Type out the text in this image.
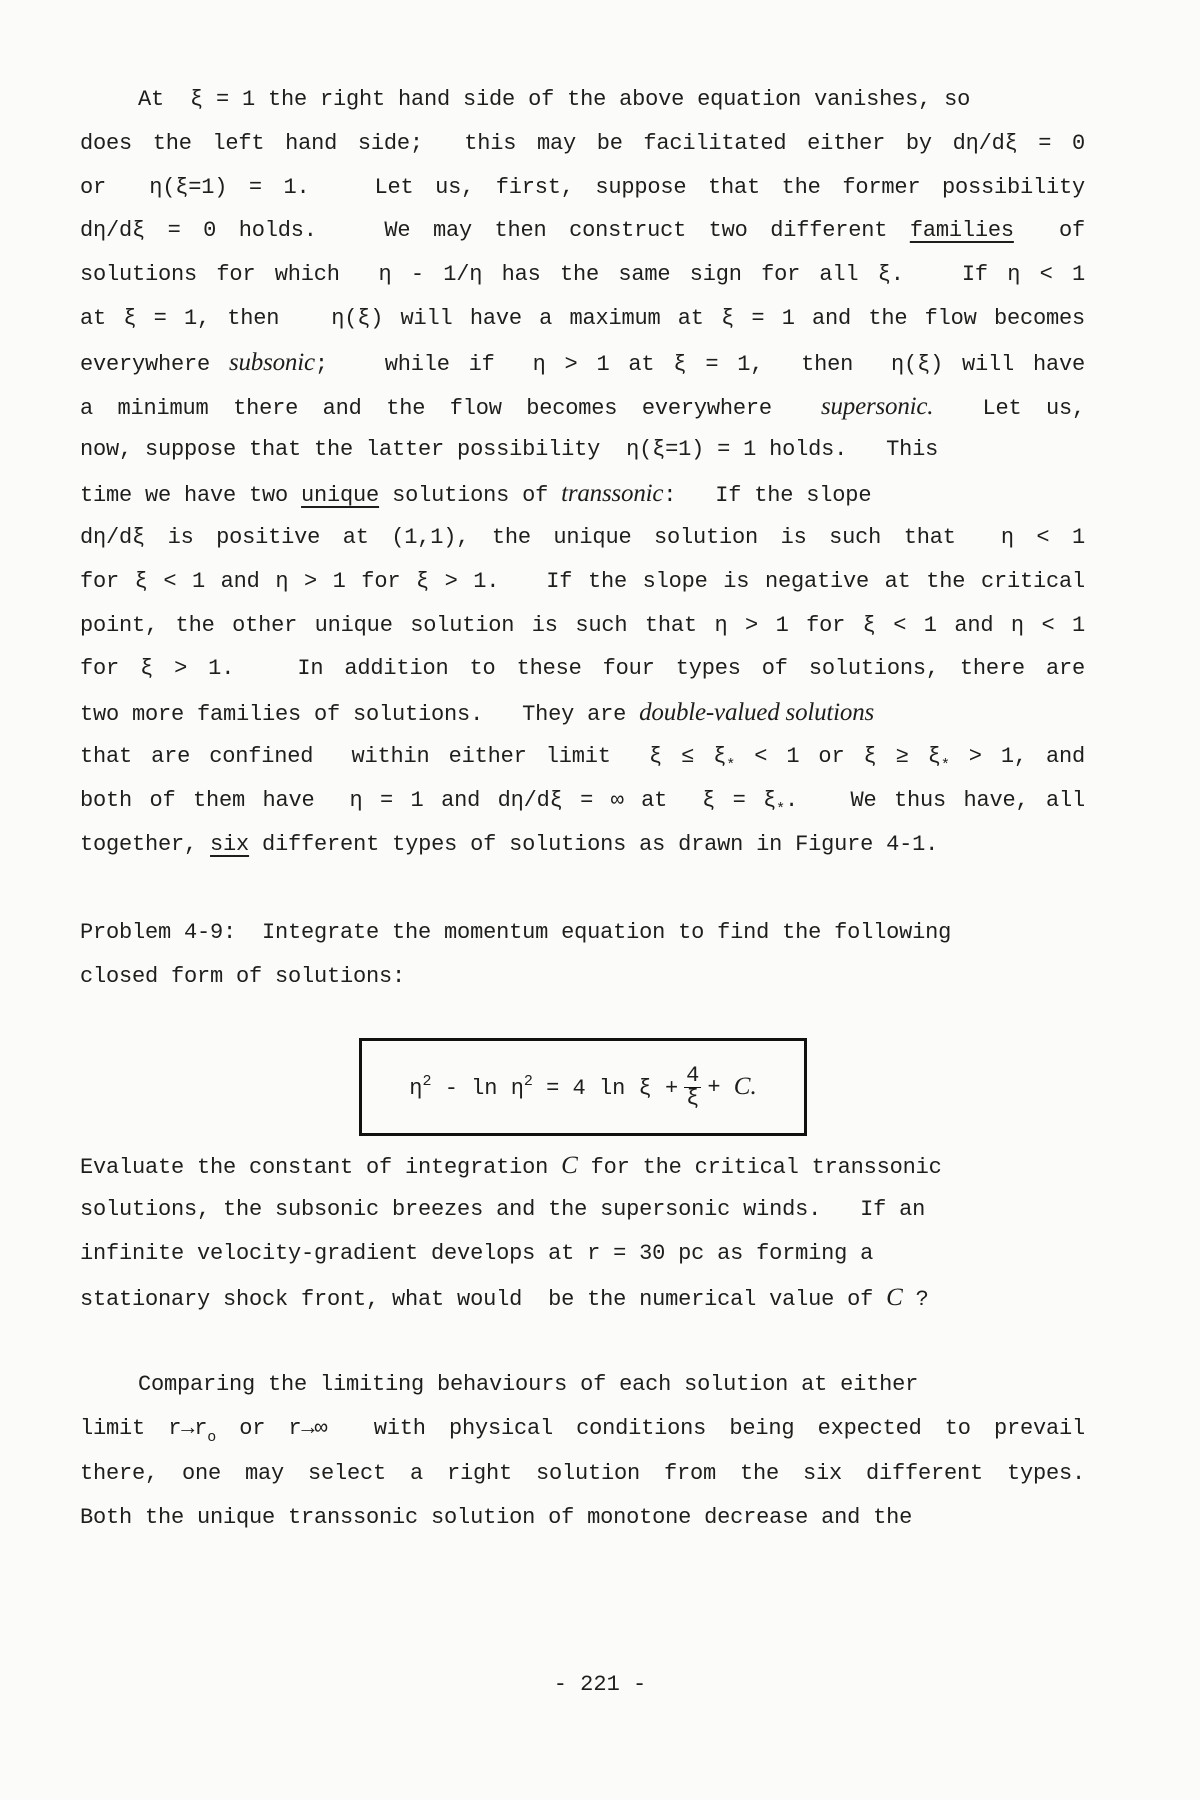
At  ξ = 1 the right hand side of the above equation vanishes, so
does the left hand side;  this may be facilitated either by dη/dξ = 0
or  η(ξ=1) = 1.   Let us, first, suppose that the former possibility
dη/dξ = 0 holds.   We may then construct two different families  of
solutions for which  η - 1/η has the same sign for all ξ.   If η < 1
at ξ = 1, then   η(ξ) will have a maximum at ξ = 1 and the flow becomes
everywhere subsonic;   while if  η > 1 at ξ = 1,  then  η(ξ) will have
a minimum there and the flow becomes everywhere  supersonic.  Let us,
now, suppose that the latter possibility  η(ξ=1) = 1 holds.   This
time we have two unique solutions of transsonic:   If the slope
dη/dξ is positive at (1,1), the unique solution is such that  η < 1
for ξ < 1 and η > 1 for ξ > 1.   If the slope is negative at the critical
point, the other unique solution is such that η > 1 for ξ < 1 and η < 1
for ξ > 1.   In addition to these four types of solutions, there are
two more families of solutions.   They are double-valued solutions
that are confined  within either limit  $\xi \le \xi_* < 1$ or $\xi \ge \xi_* > 1$, and
both of them have  η = 1 and dη/dξ = ∞ at  $\xi = \xi_*$.   We thus have, all
together, six different types of solutions as drawn in Figure 4-1.
Problem 4-9:  Integrate the momentum equation to find the following
closed form of solutions:
$\eta^2 - \ln \eta^2 = 4$ $\ln \xi + \frac{4}{\xi} + C$.
Evaluate the constant of integration C for the critical transsonic
solutions, the subsonic breezes and the supersonic winds.   If an
infinite velocity-gradient develops at r = 30 pc as forming a
stationary shock front, what would  be the numerical value of C ?
Comparing the limiting behaviours of each solution at either
limit $r\to r_o$ or r→∞  with physical conditions being expected to prevail
there, one may select a right solution from the six different types.
Both the unique transsonic solution of monotone decrease and the
- 221 -
